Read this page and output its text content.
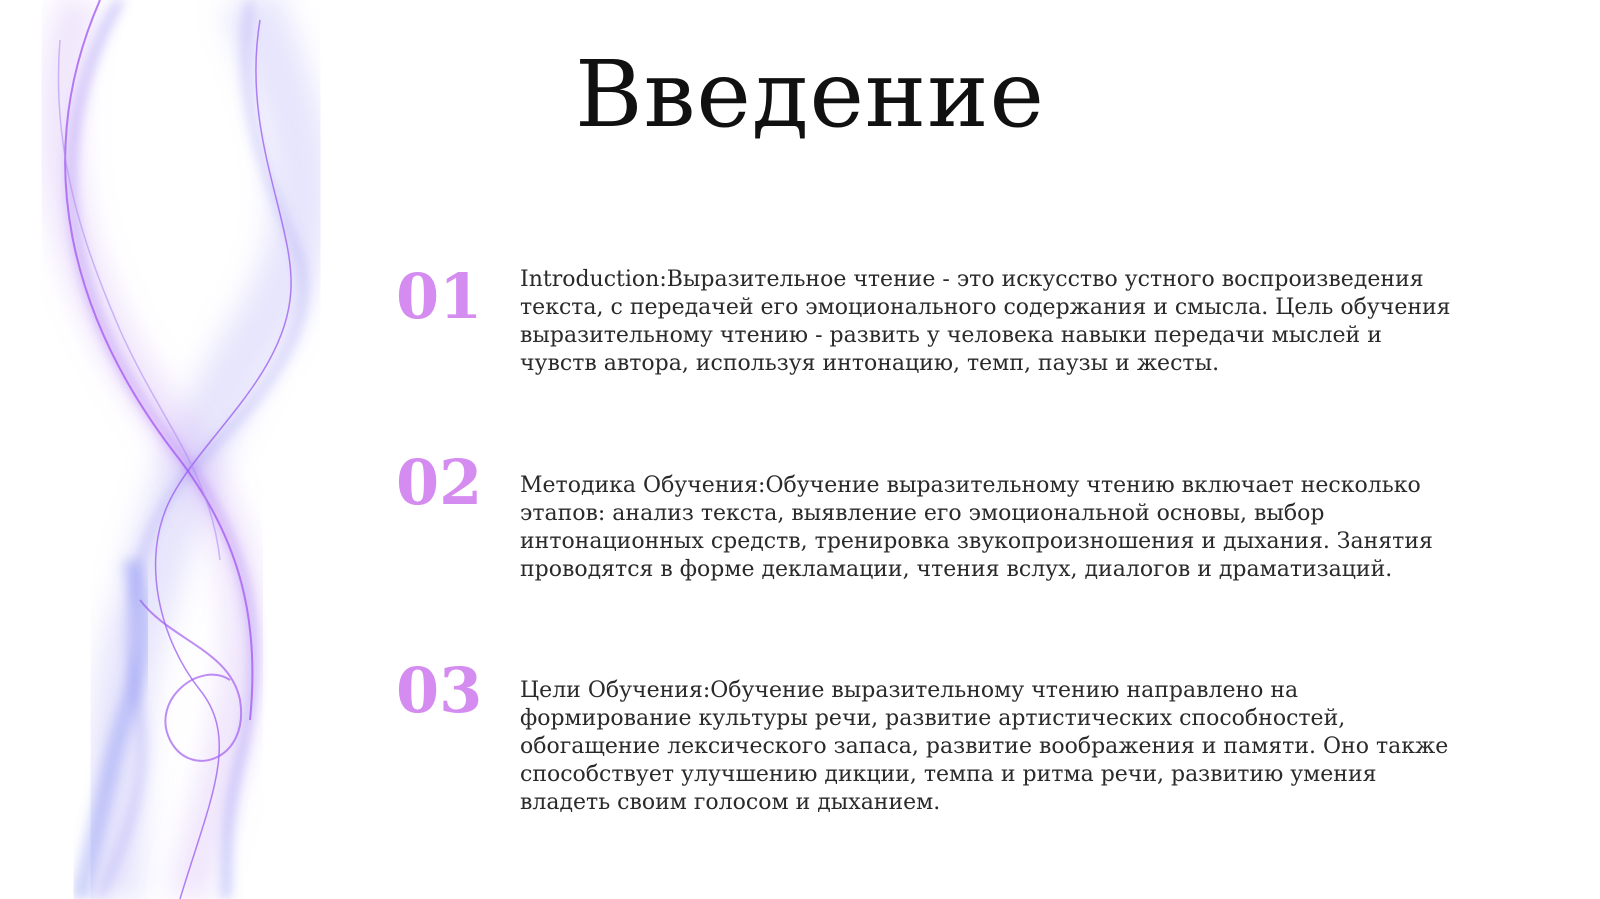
Введение
01 Introduction:Выразительное чтение - это искусство устного воспроизведения текста, с передачей его эмоционального содержания и смысла. Цель обучения выразительному чтению - развить у человека навыки передачи мыслей и чувств автора, используя интонацию, темп, паузы и жесты.
02 Методика Обучения:Обучение выразительному чтению включает несколько этапов: анализ текста, выявление его эмоциональной основы, выбор интонационных средств, тренировка звукопроизношения и дыхания. Занятия проводятся в форме декламации, чтения вслух, диалогов и драматизаций.
03 Цели Обучения:Обучение выразительному чтению направлено на формирование культуры речи, развитие артистических способностей, обогащение лексического запаса, развитие воображения и памяти. Оно также способствует улучшению дикции, темпа и ритма речи, развитию умения владеть своим голосом и дыханием.
